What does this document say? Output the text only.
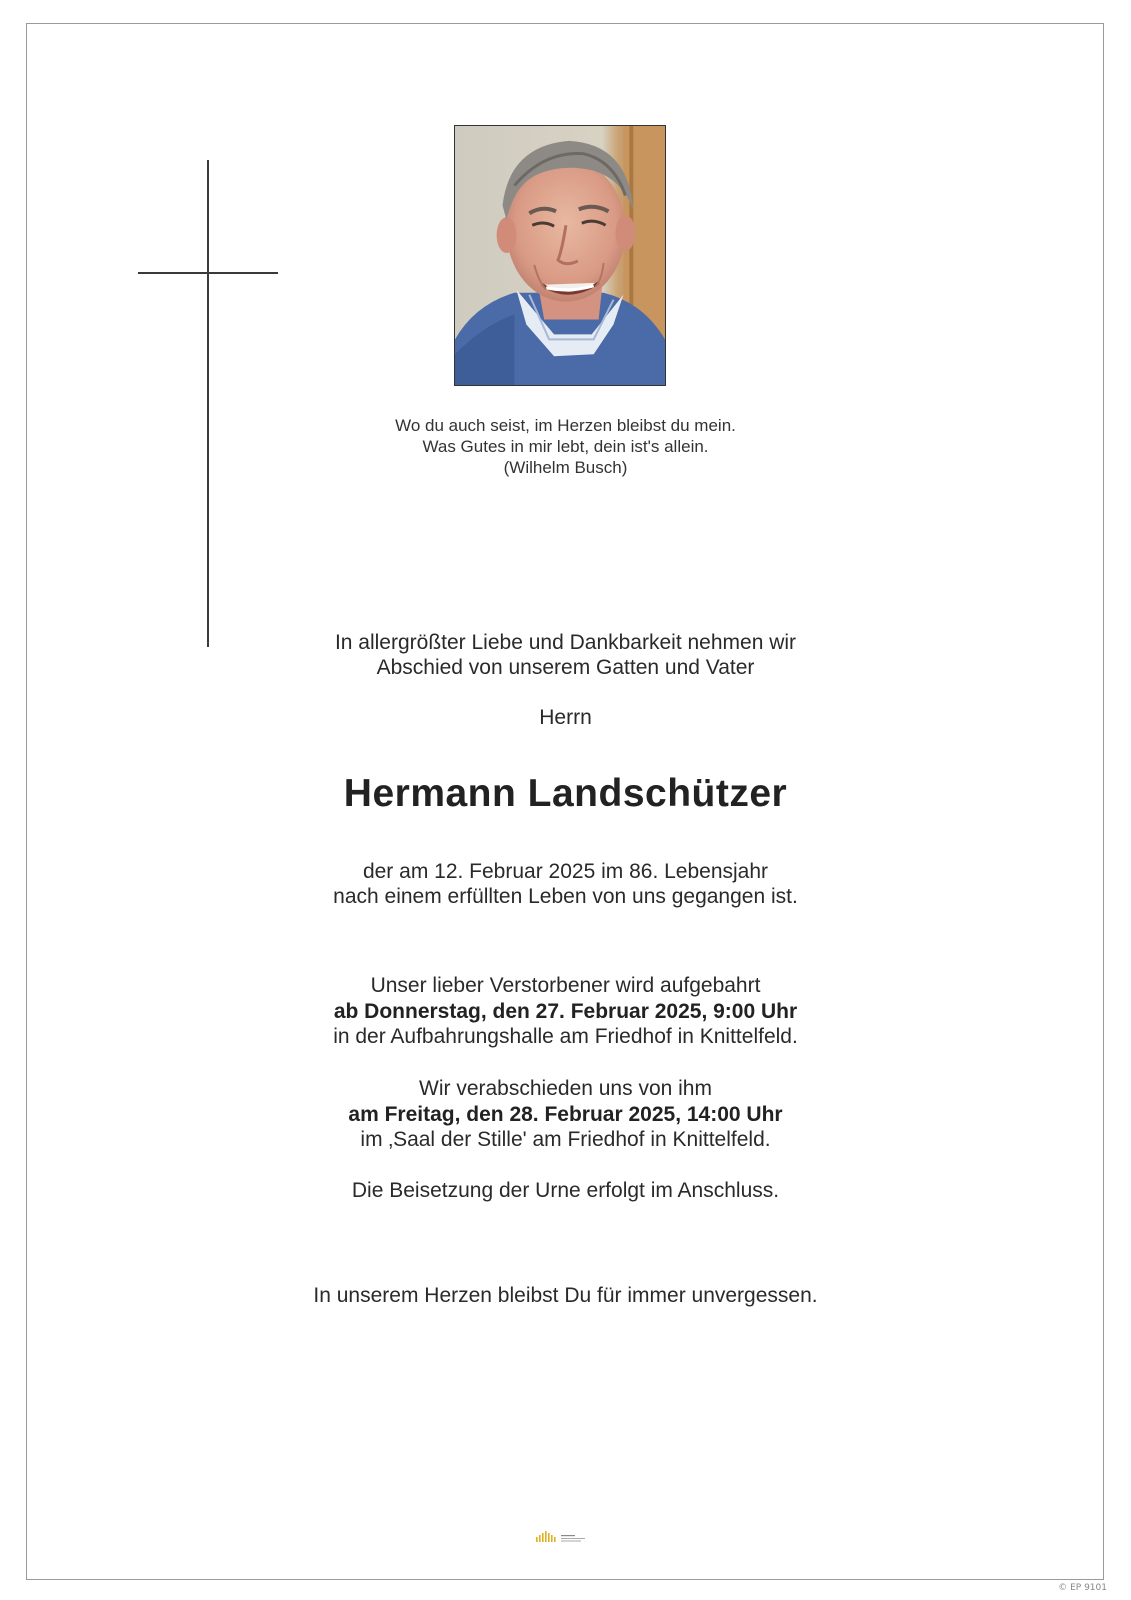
Wo du auch seist, im Herzen bleibst du mein.
Was Gutes in mir lebt, dein ist's allein.
(Wilhelm Busch)
In allergrößter Liebe und Dankbarkeit nehmen wir
Abschied von unserem Gatten und Vater
Herrn
Hermann Landschützer
der am 12. Februar 2025 im 86. Lebensjahr
nach einem erfüllten Leben von uns gegangen ist.
Unser lieber Verstorbener wird aufgebahrt
ab Donnerstag, den 27. Februar 2025, 9:00 Uhr
in der Aufbahrungshalle am Friedhof in Knittelfeld.
Wir verabschieden uns von ihm
am Freitag, den 28. Februar 2025, 14:00 Uhr
im ‚Saal der Stille' am Friedhof in Knittelfeld.
Die Beisetzung der Urne erfolgt im Anschluss.
In unserem Herzen bleibst Du für immer unvergessen.
© EP 9101
